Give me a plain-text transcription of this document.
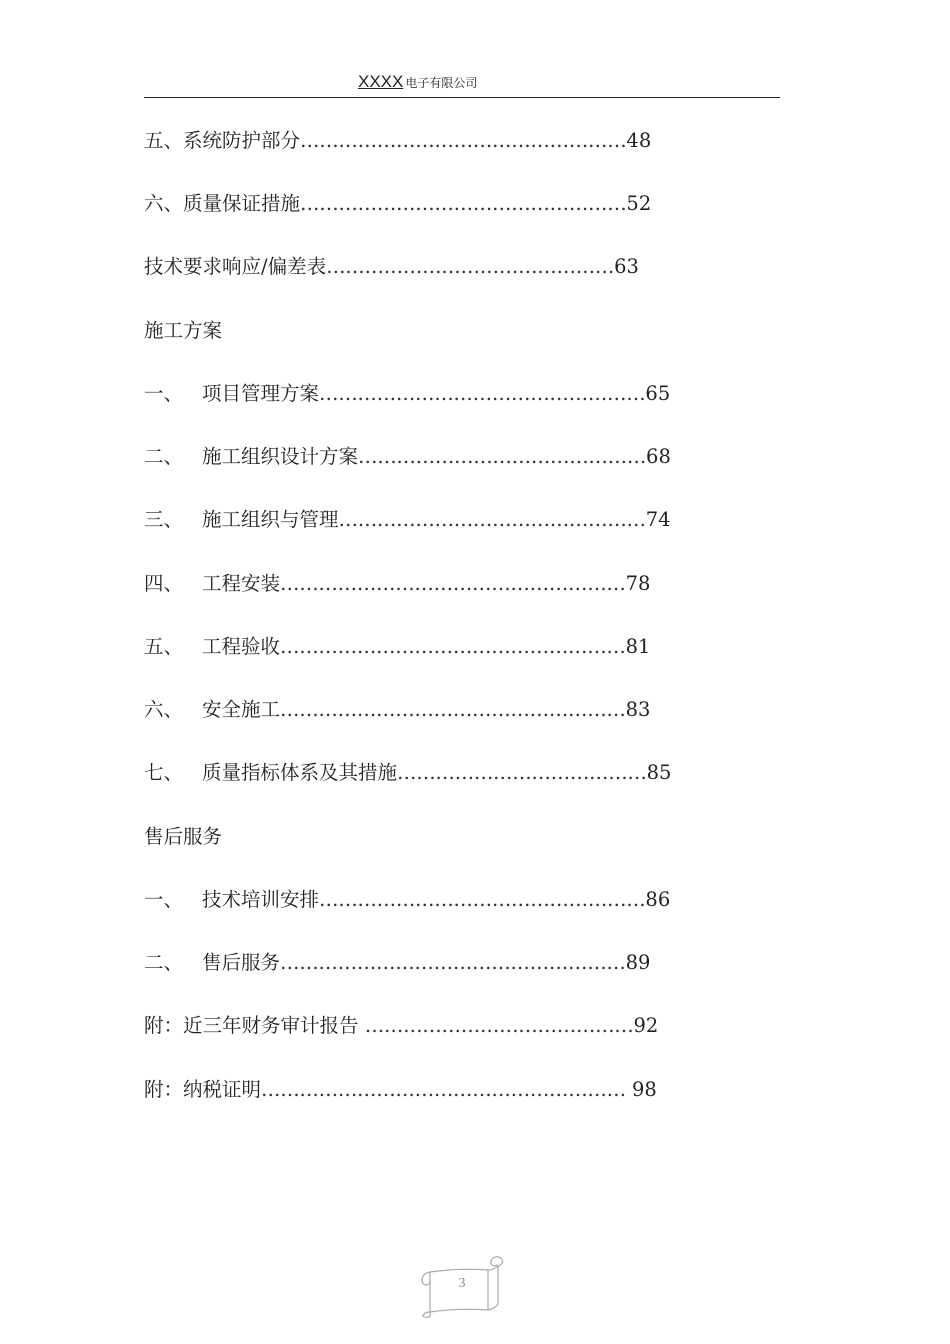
XXXX 电子有限公司
五、系统防护部分……………………………………………48
六、质量保证措施……………………………………………52
技术要求响应/偏差表………………………………………63
施工方案
一、 项目管理方案……………………………………………65
二、 施工组织设计方案………………………………………68
三、 施工组织与管理…………………………………………74
四、 工程安装………………………………………………78
五、 工程验收………………………………………………81
六、 安全施工………………………………………………83
七、 质量指标体系及其措施…………………………………85
售后服务
一、 技术培训安排……………………………………………86
二、 售后服务………………………………………………89
附：近三年财务审计报告 ……………………………………92
附：纳税证明………………………………………………… 98
3
